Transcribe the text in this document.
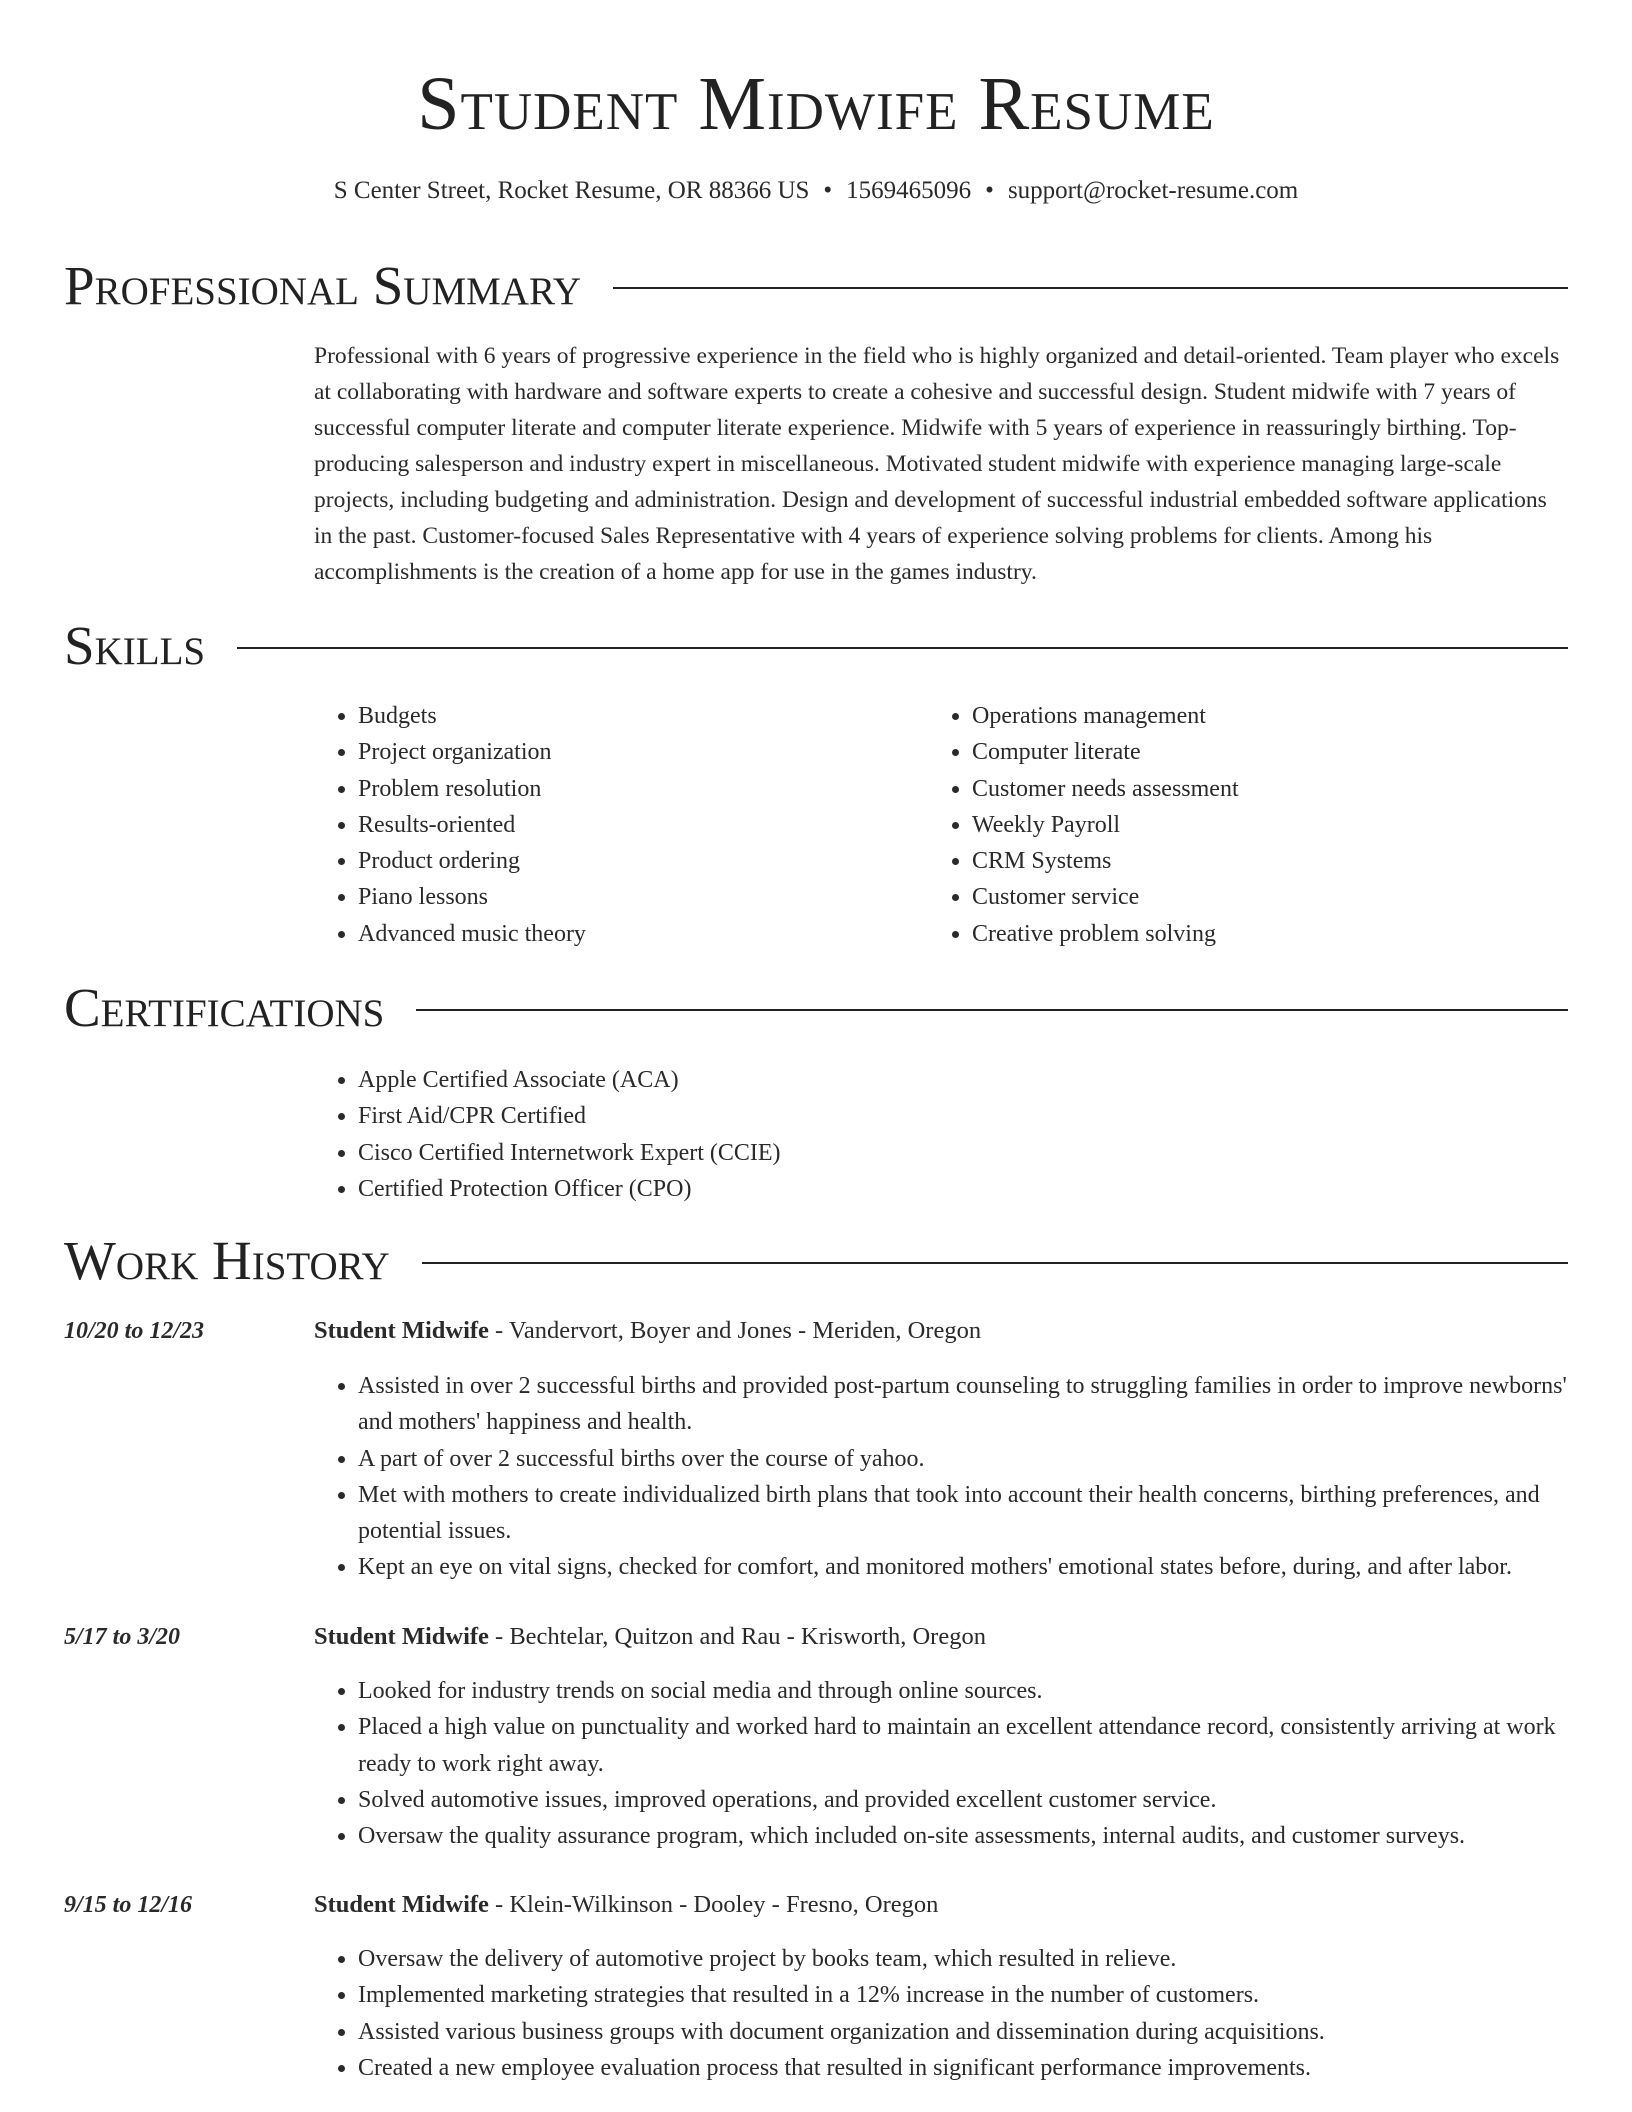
Student Midwife Resume
S Center Street, Rocket Resume, OR 88366 US • 1569465096 • support@rocket-resume.com
Professional Summary
Professional with 6 years of progressive experience in the field who is highly organized and detail-oriented. Team player who excels at collaborating with hardware and software experts to create a cohesive and successful design. Student midwife with 7 years of successful computer literate and computer literate experience. Midwife with 5 years of experience in reassuringly birthing. Top-producing salesperson and industry expert in miscellaneous. Motivated student midwife with experience managing large-scale projects, including budgeting and administration. Design and development of successful industrial embedded software applications in the past. Customer-focused Sales Representative with 4 years of experience solving problems for clients. Among his accomplishments is the creation of a home app for use in the games industry.
Skills
• Budgets
• Project organization
• Problem resolution
• Results-oriented
• Product ordering
• Piano lessons
• Advanced music theory
• Operations management
• Computer literate
• Customer needs assessment
• Weekly Payroll
• CRM Systems
• Customer service
• Creative problem solving
Certifications
• Apple Certified Associate (ACA)
• First Aid/CPR Certified
• Cisco Certified Internetwork Expert (CCIE)
• Certified Protection Officer (CPO)
Work History
10/20 to 12/23	Student Midwife - Vandervort, Boyer and Jones - Meriden, Oregon
• Assisted in over 2 successful births and provided post-partum counseling to struggling families in order to improve newborns' and mothers' happiness and health.
• A part of over 2 successful births over the course of yahoo.
• Met with mothers to create individualized birth plans that took into account their health concerns, birthing preferences, and potential issues.
• Kept an eye on vital signs, checked for comfort, and monitored mothers' emotional states before, during, and after labor.
5/17 to 3/20	Student Midwife - Bechtelar, Quitzon and Rau - Krisworth, Oregon
• Looked for industry trends on social media and through online sources.
• Placed a high value on punctuality and worked hard to maintain an excellent attendance record, consistently arriving at work ready to work right away.
• Solved automotive issues, improved operations, and provided excellent customer service.
• Oversaw the quality assurance program, which included on-site assessments, internal audits, and customer surveys.
9/15 to 12/16	Student Midwife - Klein-Wilkinson - Dooley - Fresno, Oregon
• Oversaw the delivery of automotive project by books team, which resulted in relieve.
• Implemented marketing strategies that resulted in a 12% increase in the number of customers.
• Assisted various business groups with document organization and dissemination during acquisitions.
• Created a new employee evaluation process that resulted in significant performance improvements.
